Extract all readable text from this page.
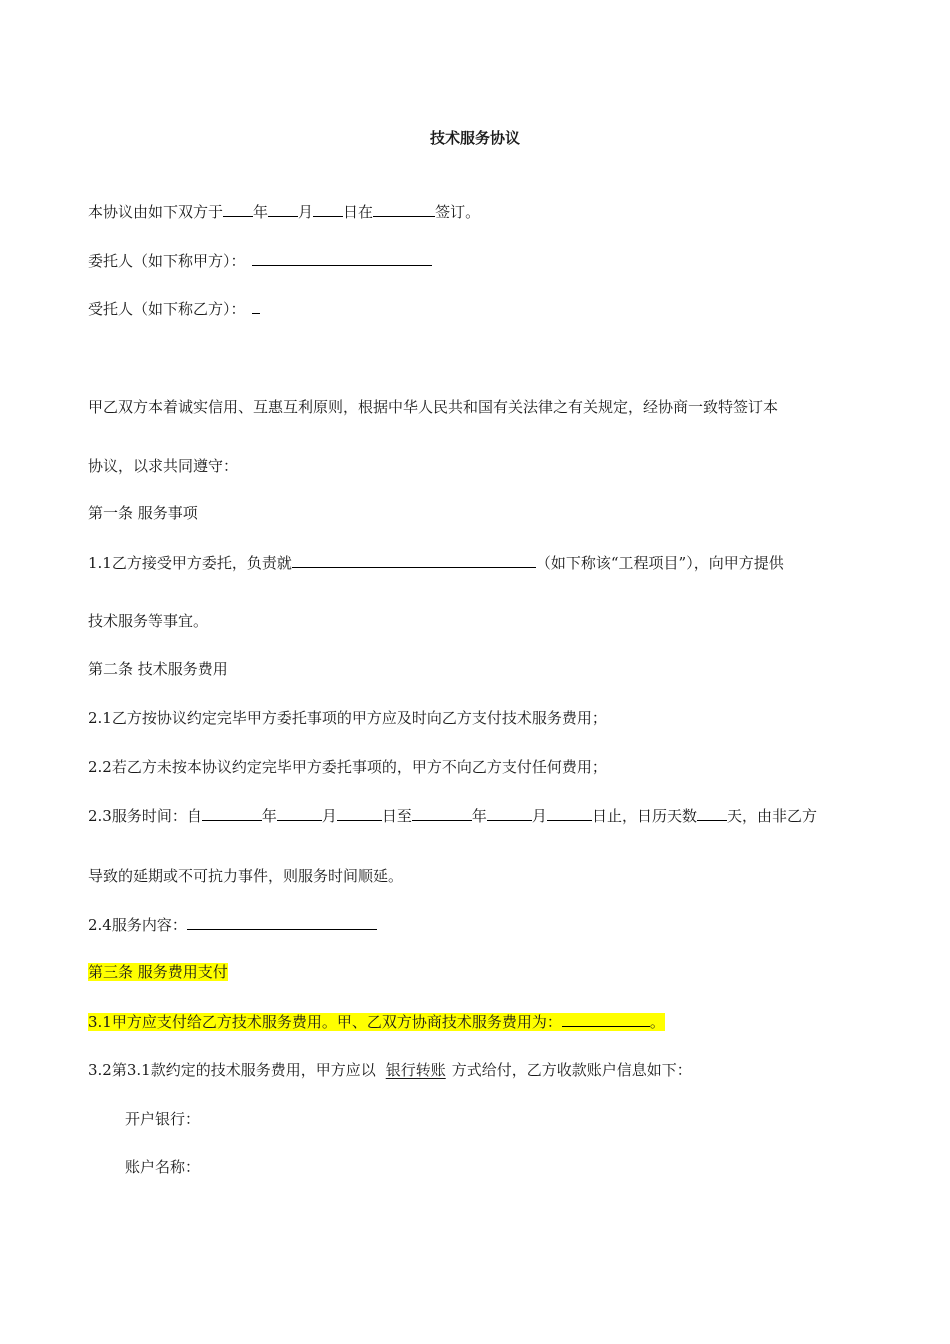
技术服务协议
本协议由如下双方于 年 月 日在	签订。
委托人（如下称甲方）：
受托人（如下称乙方）：
甲乙双方本着诚实信用、互惠互利原则，根据中华人民共和国有关法律之有关规定，经协商一致特签订本
协议，以求共同遵守：
第一条 服务事项
1.1乙方接受甲方委托，负责就	（如下称该“工程项目”），向甲方提供
技术服务等事宜。
第二条 技术服务费用
2.1乙方按协议约定完毕甲方委托事项的甲方应及时向乙方支付技术服务费用；
2.2若乙方未按本协议约定完毕甲方委托事项的，甲方不向乙方支付任何费用；
2.3服务时间：自	年	月	日至	年	月	日止，日历天数 天，由非乙方
导致的延期或不可抗力事件，则服务时间顺延。
2.4服务内容：
第三条 服务费用支付
3.1甲方应支付给乙方技术服务费用。甲、乙双方协商技术服务费用为：	。
3.2第3.1款约定的技术服务费用，甲方应以 银行转账 方式给付，乙方收款账户信息如下：
开户银行：
账户名称：
